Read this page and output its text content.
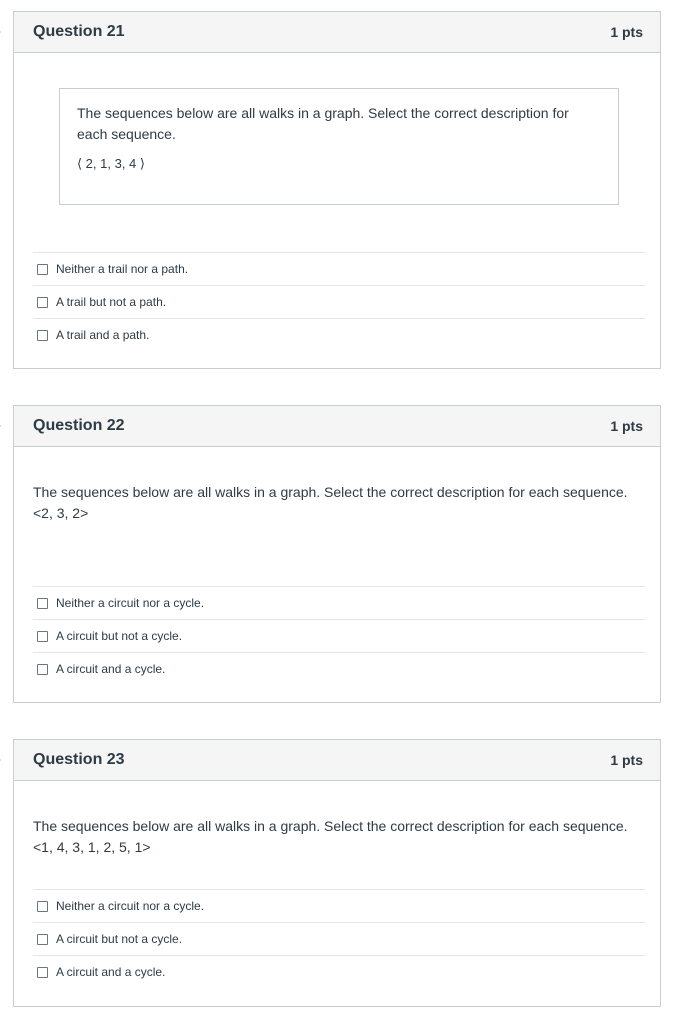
Question 21	1 pts
The sequences below are all walks in a graph. Select the correct description for each sequence.
⟨ 2, 1, 3, 4 ⟩
Neither a trail nor a path.
A trail but not a path.
A trail and a path.
Question 22	1 pts
The sequences below are all walks in a graph. Select the correct description for each sequence.
<2, 3, 2>
Neither a circuit nor a cycle.
A circuit but not a cycle.
A circuit and a cycle.
Question 23	1 pts
The sequences below are all walks in a graph. Select the correct description for each sequence.
<1, 4, 3, 1, 2, 5, 1>
Neither a circuit nor a cycle.
A circuit but not a cycle.
A circuit and a cycle.
